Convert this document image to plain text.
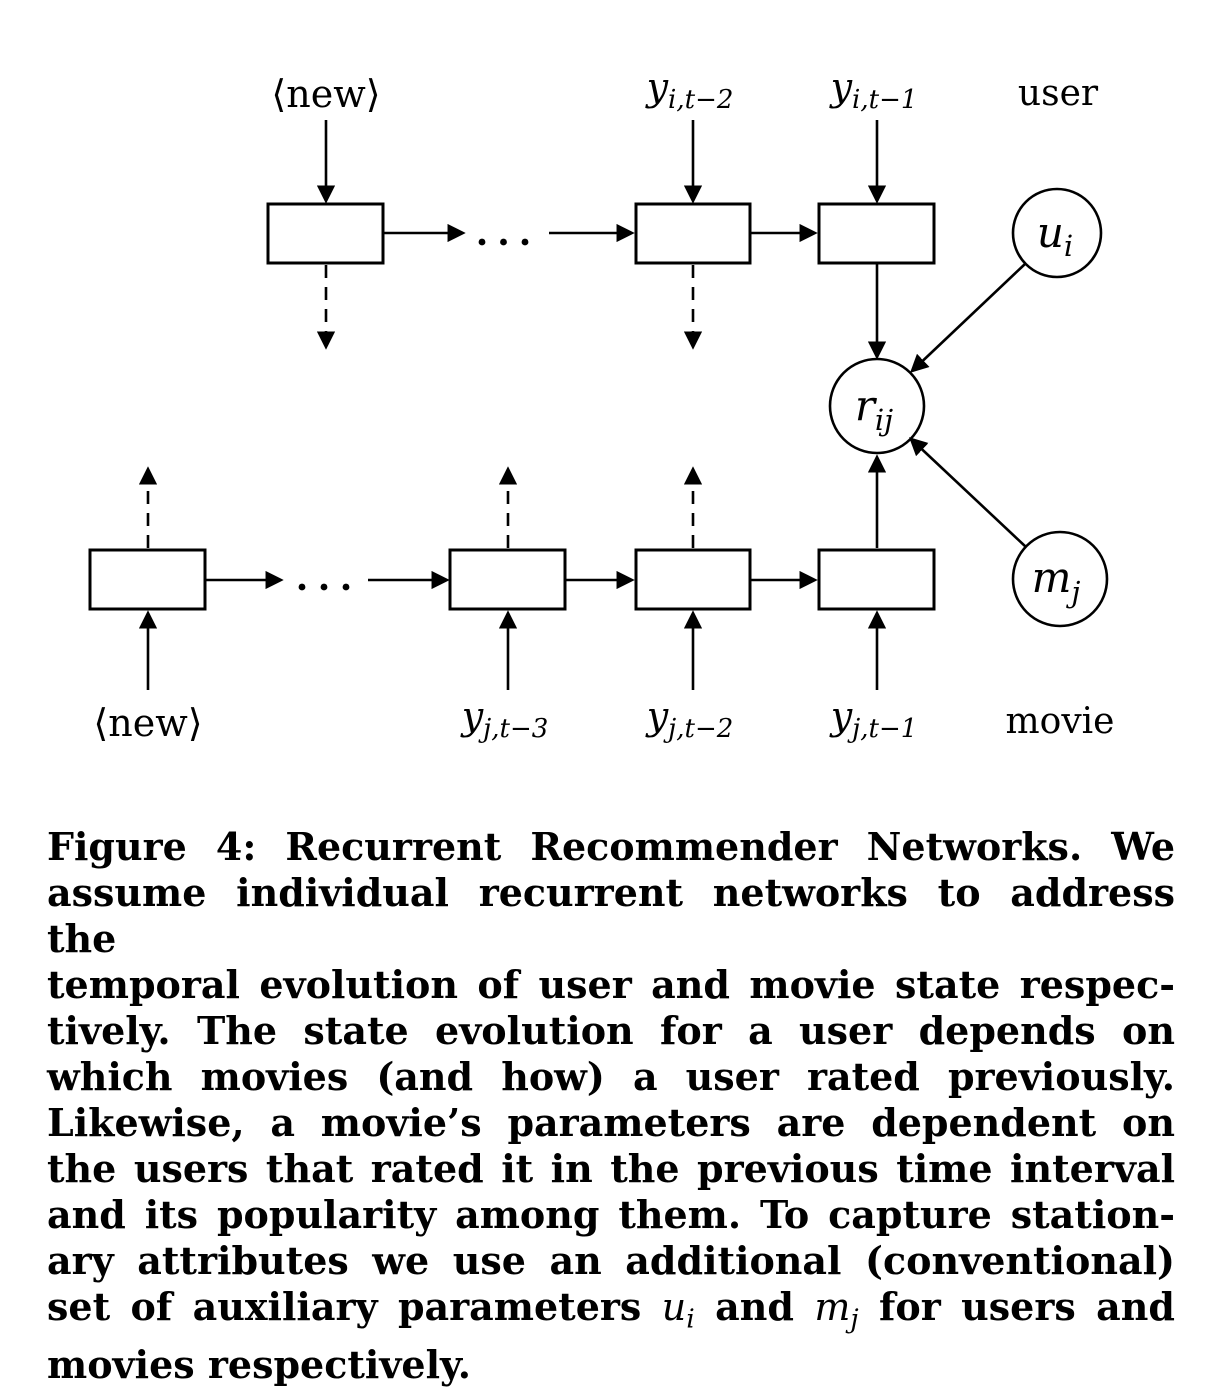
⟨new⟩	$y_{i,t-2}$	$y_{i,t-1}$	user
ui
rij
mj
⟨new⟩	$y_{j,t-3}$	$y_{j,t-2}$	$y_{j,t-1}$ movie
Figure 4: Recurrent Recommender Networks. We
assume individual recurrent networks to address the
temporal evolution of user and movie state respec-
tively. The state evolution for a user depends on
which movies (and how) a user rated previously.
Likewise, a movie’s parameters are dependent on
the users that rated it in the previous time interval
and its popularity among them. To capture station-
ary attributes we use an additional (conventional)
set of auxiliary parameters ui and mj for users and
movies respectively.
